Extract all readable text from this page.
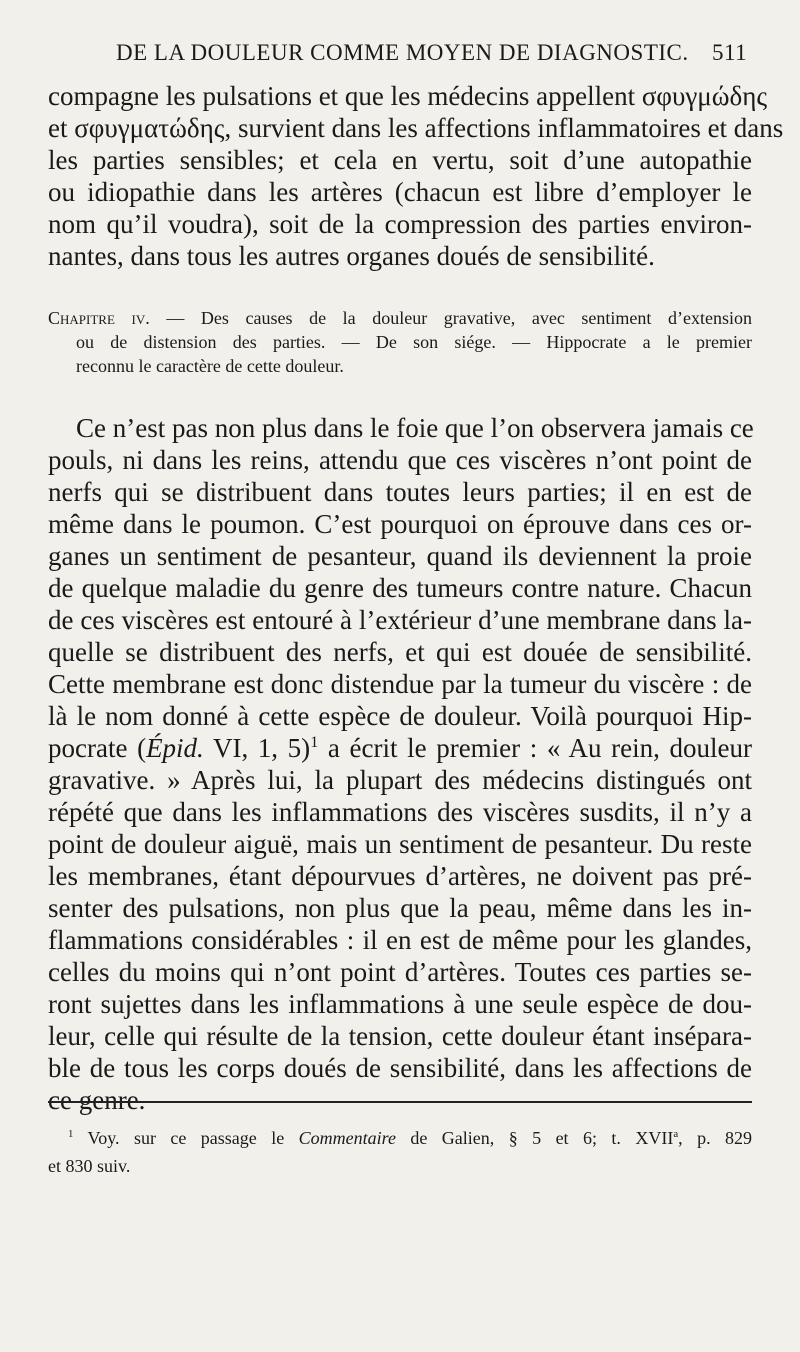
DE LA DOULEUR COMME MOYEN DE DIAGNOSTIC. 511
compagne les pulsations et que les médecins appellent σφυγμώδης
et σφυγματώδης, survient dans les affections inflammatoires et dans
les parties sensibles; et cela en vertu, soit d’une autopathie
ou idiopathie dans les artères (chacun est libre d’employer le
nom qu’il voudra), soit de la compression des parties environ-
nantes, dans tous les autres organes doués de sensibilité.
Chapitre iv. — Des causes de la douleur gravative, avec sentiment d’extension
ou de distension des parties. — De son siége. — Hippocrate a le premier
reconnu le caractère de cette douleur.
Ce n’est pas non plus dans le foie que l’on observera jamais ce
pouls, ni dans les reins, attendu que ces viscères n’ont point de
nerfs qui se distribuent dans toutes leurs parties; il en est de
même dans le poumon. C’est pourquoi on éprouve dans ces or-
ganes un sentiment de pesanteur, quand ils deviennent la proie
de quelque maladie du genre des tumeurs contre nature. Chacun
de ces viscères est entouré à l’extérieur d’une membrane dans la-
quelle se distribuent des nerfs, et qui est douée de sensibilité.
Cette membrane est donc distendue par la tumeur du viscère : de
là le nom donné à cette espèce de douleur. Voilà pourquoi Hip-
pocrate (Épid. VI, 1, 5)$^1$ a écrit le premier : « Au rein, douleur
gravative. » Après lui, la plupart des médecins distingués ont
répété que dans les inflammations des viscères susdits, il n’y a
point de douleur aiguë, mais un sentiment de pesanteur. Du reste
les membranes, étant dépourvues d’artères, ne doivent pas pré-
senter des pulsations, non plus que la peau, même dans les in-
flammations considérables : il en est de même pour les glandes,
celles du moins qui n’ont point d’artères. Toutes ces parties se-
ront sujettes dans les inflammations à une seule espèce de dou-
leur, celle qui résulte de la tension, cette douleur étant insépara-
ble de tous les corps doués de sensibilité, dans les affections de
ce genre.
$^1$ Voy. sur ce passage le Commentaire de Galien, § 5 et 6; t. XVII$^a$, p. 829
et 830 suiv.
